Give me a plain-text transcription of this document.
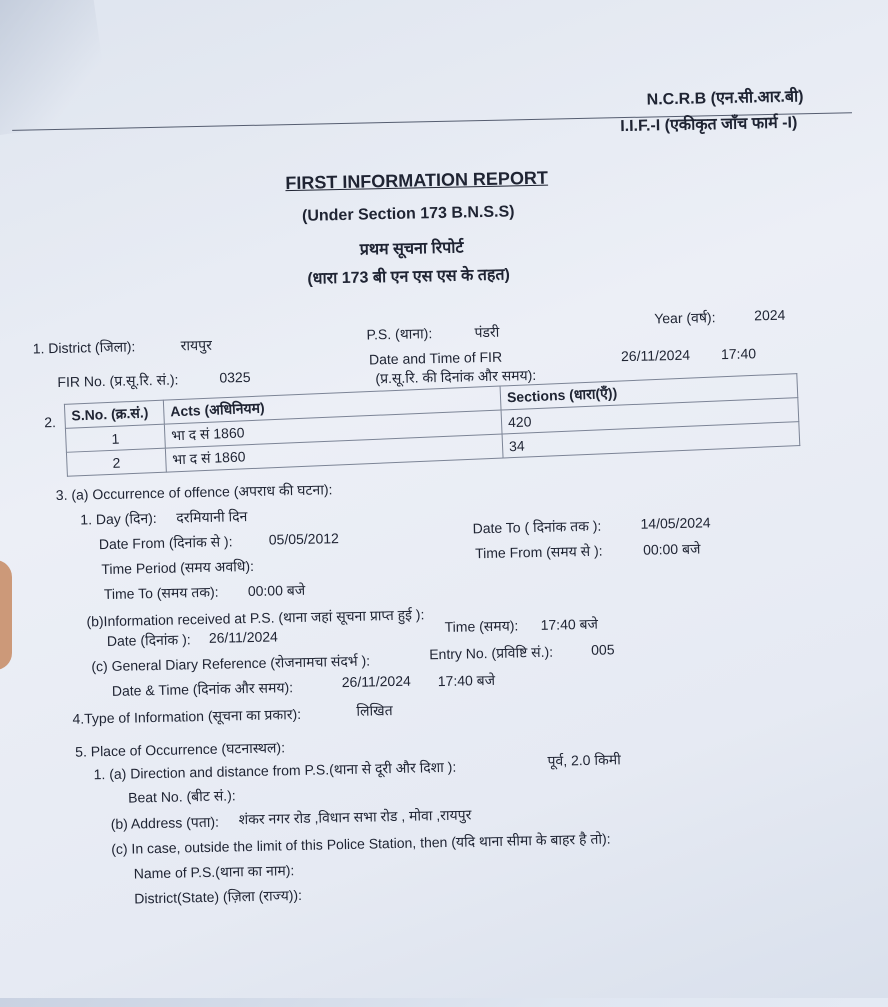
N.C.R.B (एन.सी.आर.बी)
I.I.F.-I (एकीकृत जाँच फार्म -I)
FIRST INFORMATION REPORT
(Under Section 173 B.N.S.S)
प्रथम सूचना रिपोर्ट
(धारा 173 बी एन एस एस के तहत)
1. District (जिला):	रायपुर
P.S. (थाना):	पंडरी
Year (वर्ष):	2024
FIR No. (प्र.सू.रि. सं.):	0325
Date and Time of FIR
(प्र.सू.रि. की दिनांक और समय):
26/11/2024 17:40
2. S.No. (क्र.सं.)	Acts (अधिनियम)	Sections (धारा(एँ))
1	भा द सं 1860	420
2	भा द सं 1860	34
3. (a) Occurrence of offence (अपराध की घटना):
1. Day (दिन): दरमियानी दिन
Date From (दिनांक से ):	05/05/2012
Date To ( दिनांक तक ):	14/05/2024
Time Period (समय अवधि):
Time From (समय से ):	00:00 बजे
Time To (समय तक): 00:00 बजे
(b)Information received at P.S. (थाना जहां सूचना प्राप्त हुई ):
Date (दिनांक ): 26/11/2024
Time (समय): 17:40 बजे
(c) General Diary Reference (रोजनामचा संदर्भ ):	Entry No. (प्रविष्टि सं.):	005
Date & Time (दिनांक और समय):	26/11/2024 17:40 बजे
4.Type of Information (सूचना का प्रकार):	लिखित
5. Place of Occurrence (घटनास्थल):
1. (a) Direction and distance from P.S.(थाना से दूरी और दिशा ):	पूर्व, 2.0 किमी
Beat No. (बीट सं.):
(b) Address (पता): शंकर नगर रोड ,विधान सभा रोड , मोवा ,रायपुर
(c) In case, outside the limit of this Police Station, then (यदि थाना सीमा के बाहर है तो):
Name of P.S.(थाना का नाम):
District(State) (ज़िला (राज्य)):
